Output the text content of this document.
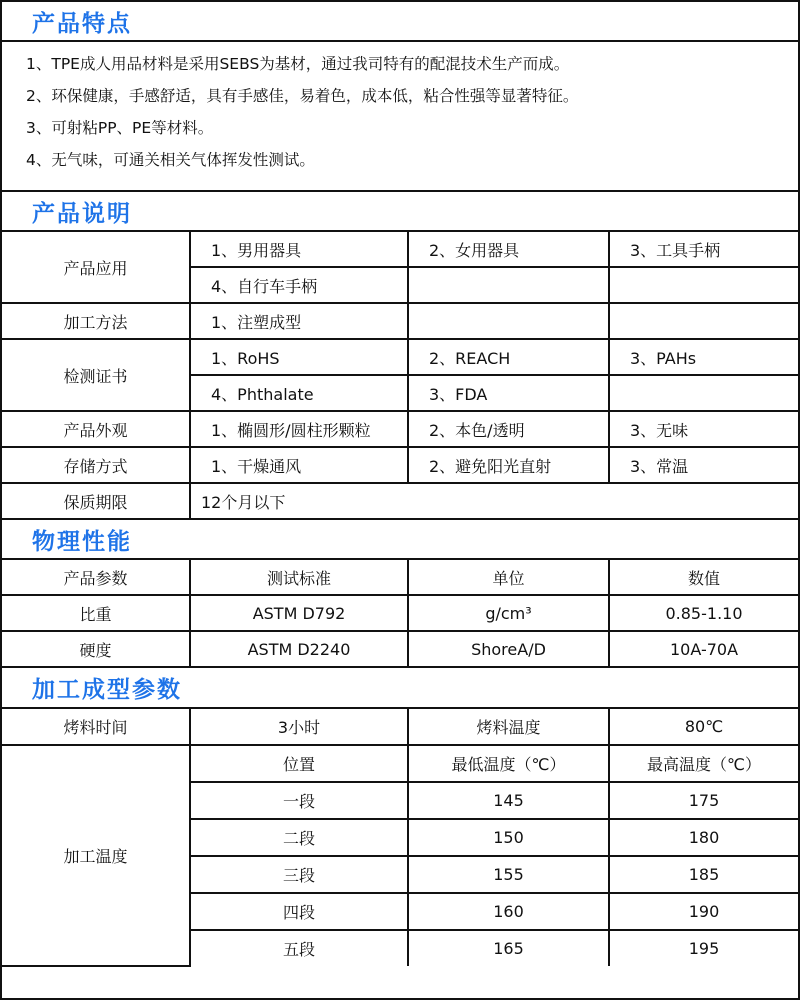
产品特点
1、TPE成人用品材料是采用SEBS为基材，通过我司特有的配混技术生产而成。
2、环保健康，手感舒适，具有手感佳，易着色，成本低，粘合性强等显著特征。
3、可射粘PP、PE等材料。
4、无气味，可通关相关气体挥发性测试。
产品说明
产品应用	1、男用器具	2、女用器具	3、工具手柄
	4、自行车手柄		
加工方法	1、注塑成型		
检测证书	1、RoHS	2、REACH	3、PAHs
	4、Phthalate	3、FDA	
产品外观	1、椭圆形/圆柱形颗粒	2、本色/透明	3、无味
存储方式	1、干燥通风	2、避免阳光直射	3、常温
保质期限	12个月以下		
物理性能
产品参数	测试标准	单位	数值
比重	ASTM D792	g/cm³	0.85-1.10
硬度	ASTM D2240	ShoreA/D	10A-70A
加工成型参数
烤料时间	3小时	烤料温度	80℃
加工温度	位置	最低温度（℃）	最高温度（℃）
	一段	145	175
	二段	150	180
	三段	155	185
	四段	160	190
	五段	165	195
